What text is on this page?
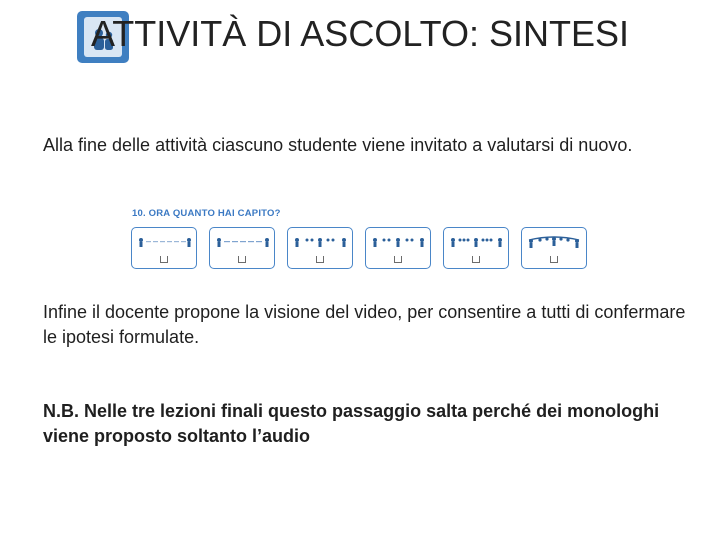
ATTIVITÀ DI ASCOLTO: SINTESI
Alla fine delle attività ciascuno studente viene invitato a valutarsi di nuovo.
10. ORA QUANTO HAI CAPITO?
Infine il docente propone la visione del video, per consentire a tutti di confermare le ipotesi formulate.
N.B. Nelle tre lezioni finali questo passaggio salta perché dei monologhi viene proposto soltanto l’audio
